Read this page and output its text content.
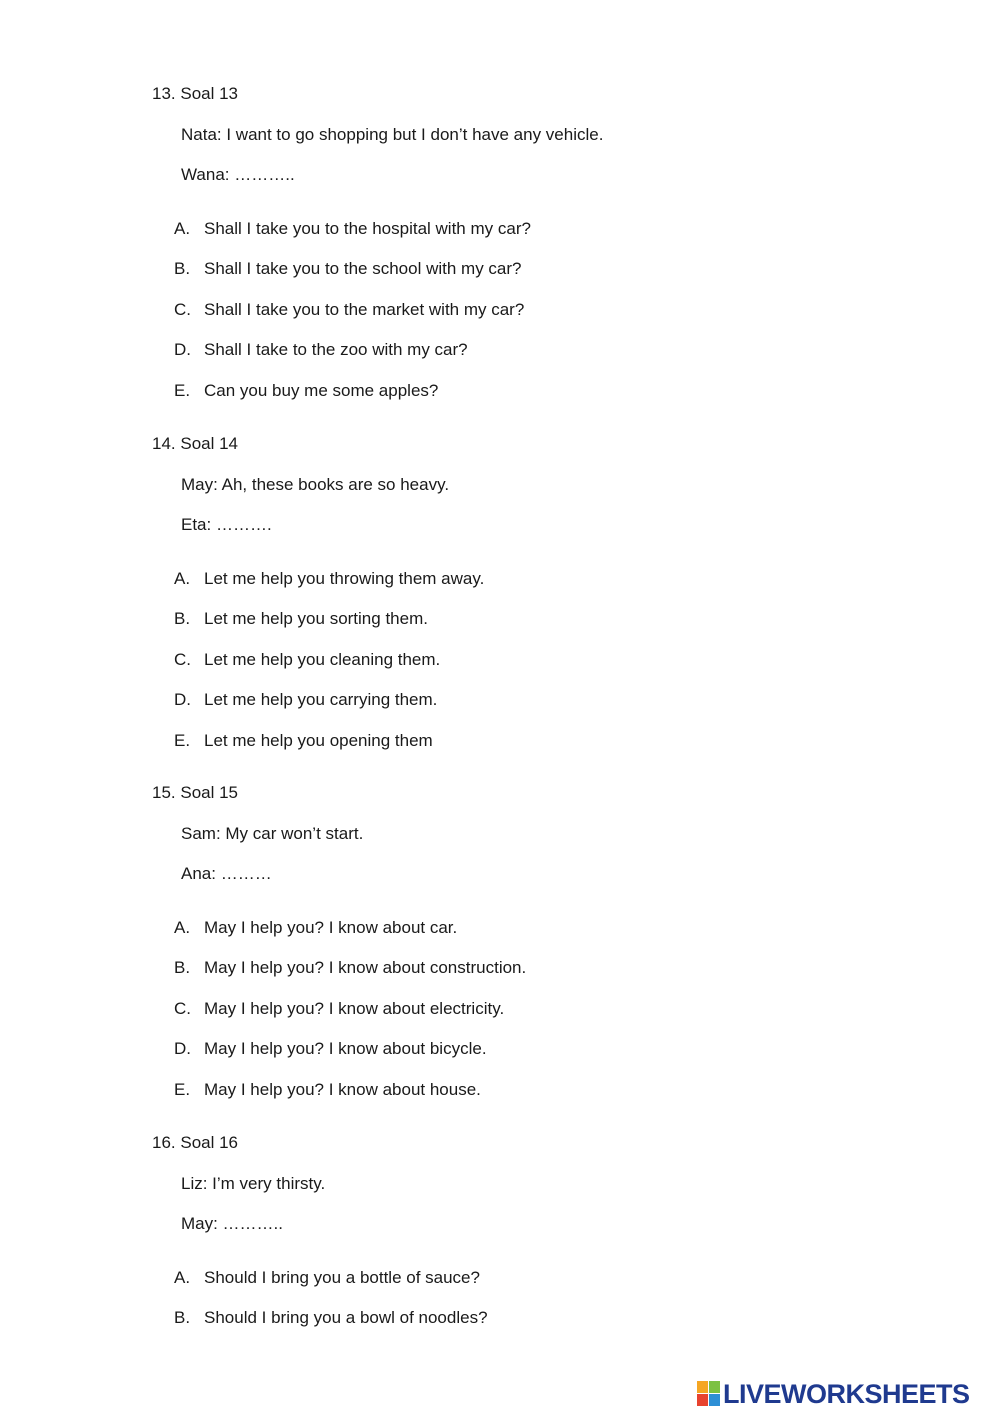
13. Soal 13
Nata: I want to go shopping but I don’t have any vehicle.
Wana: ………..
A. Shall I take you to the hospital with my car?
B. Shall I take you to the school with my car?
C. Shall I take you to the market with my car?
D. Shall I take to the zoo with my car?
E. Can you buy me some apples?
14. Soal 14
May: Ah, these books are so heavy.
Eta: ……….
A. Let me help you throwing them away.
B. Let me help you sorting them.
C. Let me help you cleaning them.
D. Let me help you carrying them.
E. Let me help you opening them
15. Soal 15
Sam: My car won’t start.
Ana: ………
A. May I help you? I know about car.
B. May I help you? I know about construction.
C. May I help you? I know about electricity.
D. May I help you? I know about bicycle.
E. May I help you? I know about house.
16. Soal 16
Liz: I’m very thirsty.
May: ………..
A. Should I bring you a bottle of sauce?
B. Should I bring you a bowl of noodles?
LIVEWORKSHEETS
